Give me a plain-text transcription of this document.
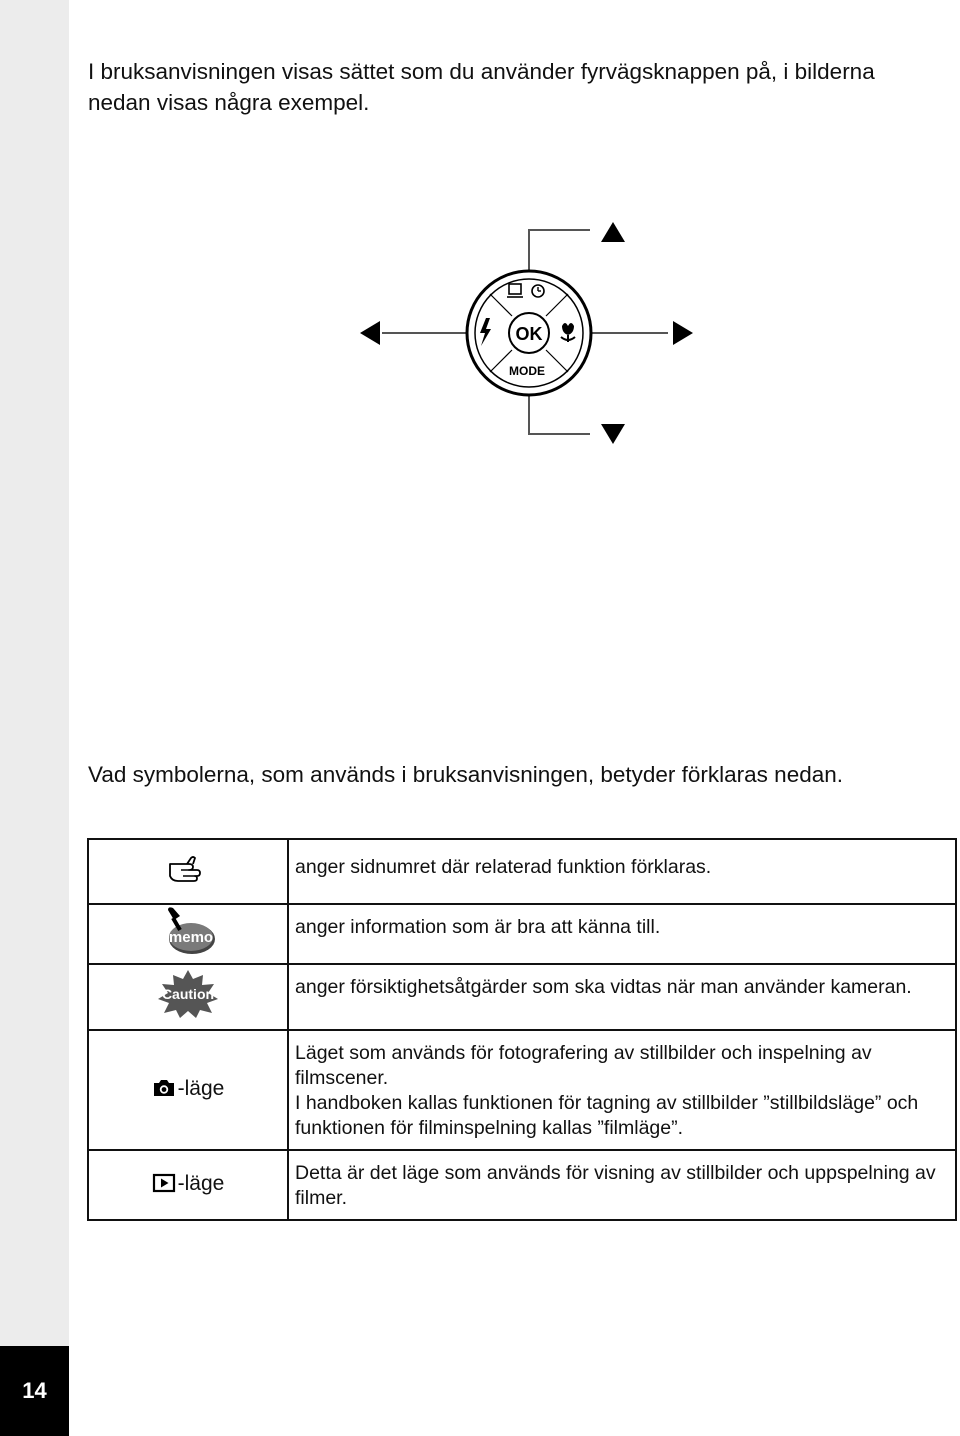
14
I bruksanvisningen visas sättet som du använder fyrvägsknappen på, i bilderna nedan visas några exempel.
OK
MODE
Vad symbolerna, som används i bruksanvisningen, betyder förklaras nedan.
	anger sidnumret där relaterad funktion förklaras.

memo	anger information som är bra att känna till.

Caution	anger försiktighetsåtgärder som ska vidtas när man använder kameran.

-läge	Läget som används för fotografering av stillbilder och inspelning av filmscener.

I handboken kallas funktionen för tagning av stillbilder ”stillbildsläge” och funktionen för filminspelning kallas ”filmläge”.

-läge	Detta är det läge som används för visning av stillbilder och uppspelning av filmer.
